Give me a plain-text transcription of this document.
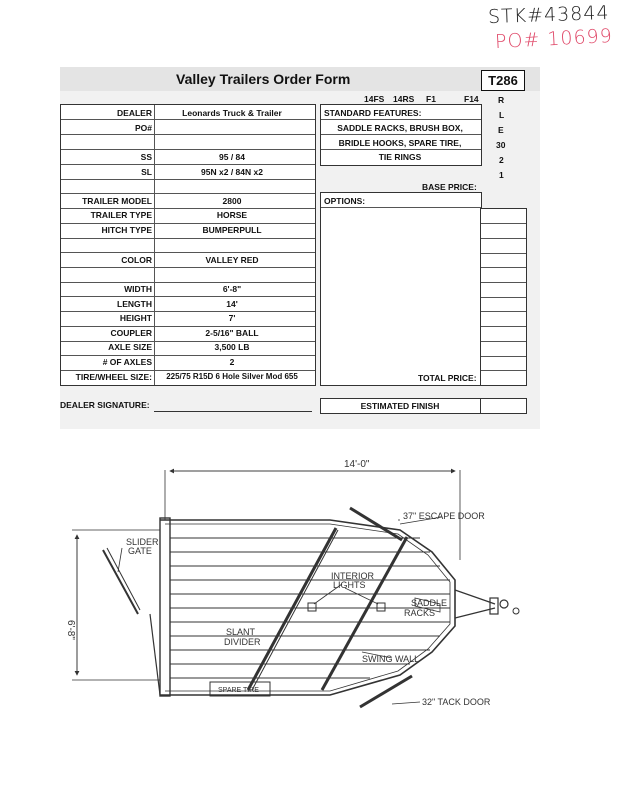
STK#43844
PO# 10699
Valley Trailers Order Form	T286
14FS 14RS F1	F14 R
L
E
30
2
1
DEALER	Leonards Truck & Trailer
PO#
SS	95 / 84
SL	95N x2 / 84N x2
TRAILER MODEL	2800
TRAILER TYPE	HORSE
HITCH TYPE	BUMPERPULL
COLOR	VALLEY RED
WIDTH	6'-8"
LENGTH	14'
HEIGHT	7'
COUPLER	2-5/16" BALL
AXLE SIZE	3,500 LB
# OF AXLES	2
TIRE/WHEEL SIZE:	225/75 R15D 6 Hole Silver Mod 655
DEALER SIGNATURE:
STANDARD FEATURES:
SADDLE RACKS, BRUSH BOX,
BRIDLE HOOKS, SPARE TIRE,
TIE RINGS
BASE PRICE:
OPTIONS:
TOTAL PRICE:
ESTIMATED FINISH
14'-0"
6'-8"
37" ESCAPE DOOR
SLIDER
GATE
INTERIOR
LIGHTS
SADDLE
RACKS
SLANT
DIVIDER
SWING WALL
SPARE TIRE
32" TACK DOOR
